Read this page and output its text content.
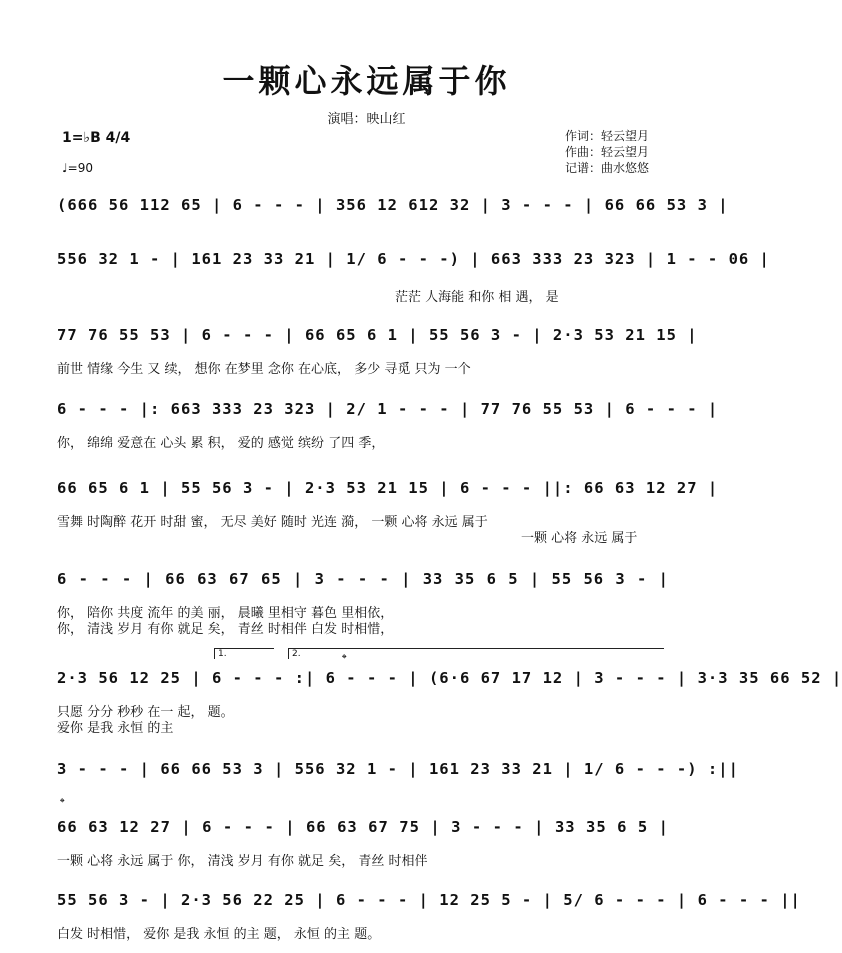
一颗心永远属于你
演唱：映山红
1=♭B 4/4
♩=90
作词：轻云望月
作曲：轻云望月
记谱：曲水悠悠
(666 56 112 65 | 6 - - - | 356 12 612 32 | 3 - - - | 66 66 53 3 |
556 32 1 - | 161 23 33 21 | 1/ 6 - - -) | 663 333 23 323 | 1 - - 06 |
茫茫 人海能 和你 相 遇， 是
77 76 55 53 | 6 - - - | 66 65 6 1 | 55 56 3 - | 2·3 53 21 15 |
前世 情缘 今生 又 续， 想你 在梦里 念你 在心底， 多少 寻觅 只为 一个
6 - - - |: 663 333 23 323 | 2/ 1 - - - | 77 76 55 53 | 6 - - - |
你， 绵绵 爱意在 心头 累 积， 爱的 感觉 缤纷 了四 季，
66 65 6 1 | 55 56 3 - | 2·3 53 21 15 | 6 - - - ||: 66 63 12 27 |
雪舞 时陶醉 花开 时甜 蜜， 无尽 美好 随时 光连 漪， 一颗 心将 永远 属于
一颗 心将 永远 属于
6 - - - | 66 63 67 65 | 3 - - - | 33 35 6 5 | 55 56 3 - |
你， 陪你 共度 流年 的美 丽， 晨曦 里相守 暮色 里相依，
你， 清浅 岁月 有你 就足 矣， 青丝 时相伴 白发 时相惜，
1.	2.	𝄌
2·3 56 12 25 | 6 - - - :| 6 - - - | (6·6 67 17 12 | 3 - - - | 3·3 35 66 52 |
只愿 分分 秒秒 在一 起， 题。
爱你 是我 永恒 的主
3 - - - | 66 66 53 3 | 556 32 1 - | 161 23 33 21 | 1/ 6 - - -) :||
𝄌
66 63 12 27 | 6 - - - | 66 63 67 75 | 3 - - - | 33 35 6 5 |
一颗 心将 永远 属于 你， 清浅 岁月 有你 就足 矣， 青丝 时相伴
55 56 3 - | 2·3 56 22 25 | 6 - - - | 12 25 5 - | 5/ 6 - - - | 6 - - - ||
白发 时相惜， 爱你 是我 永恒 的主 题， 永恒 的主 题。
